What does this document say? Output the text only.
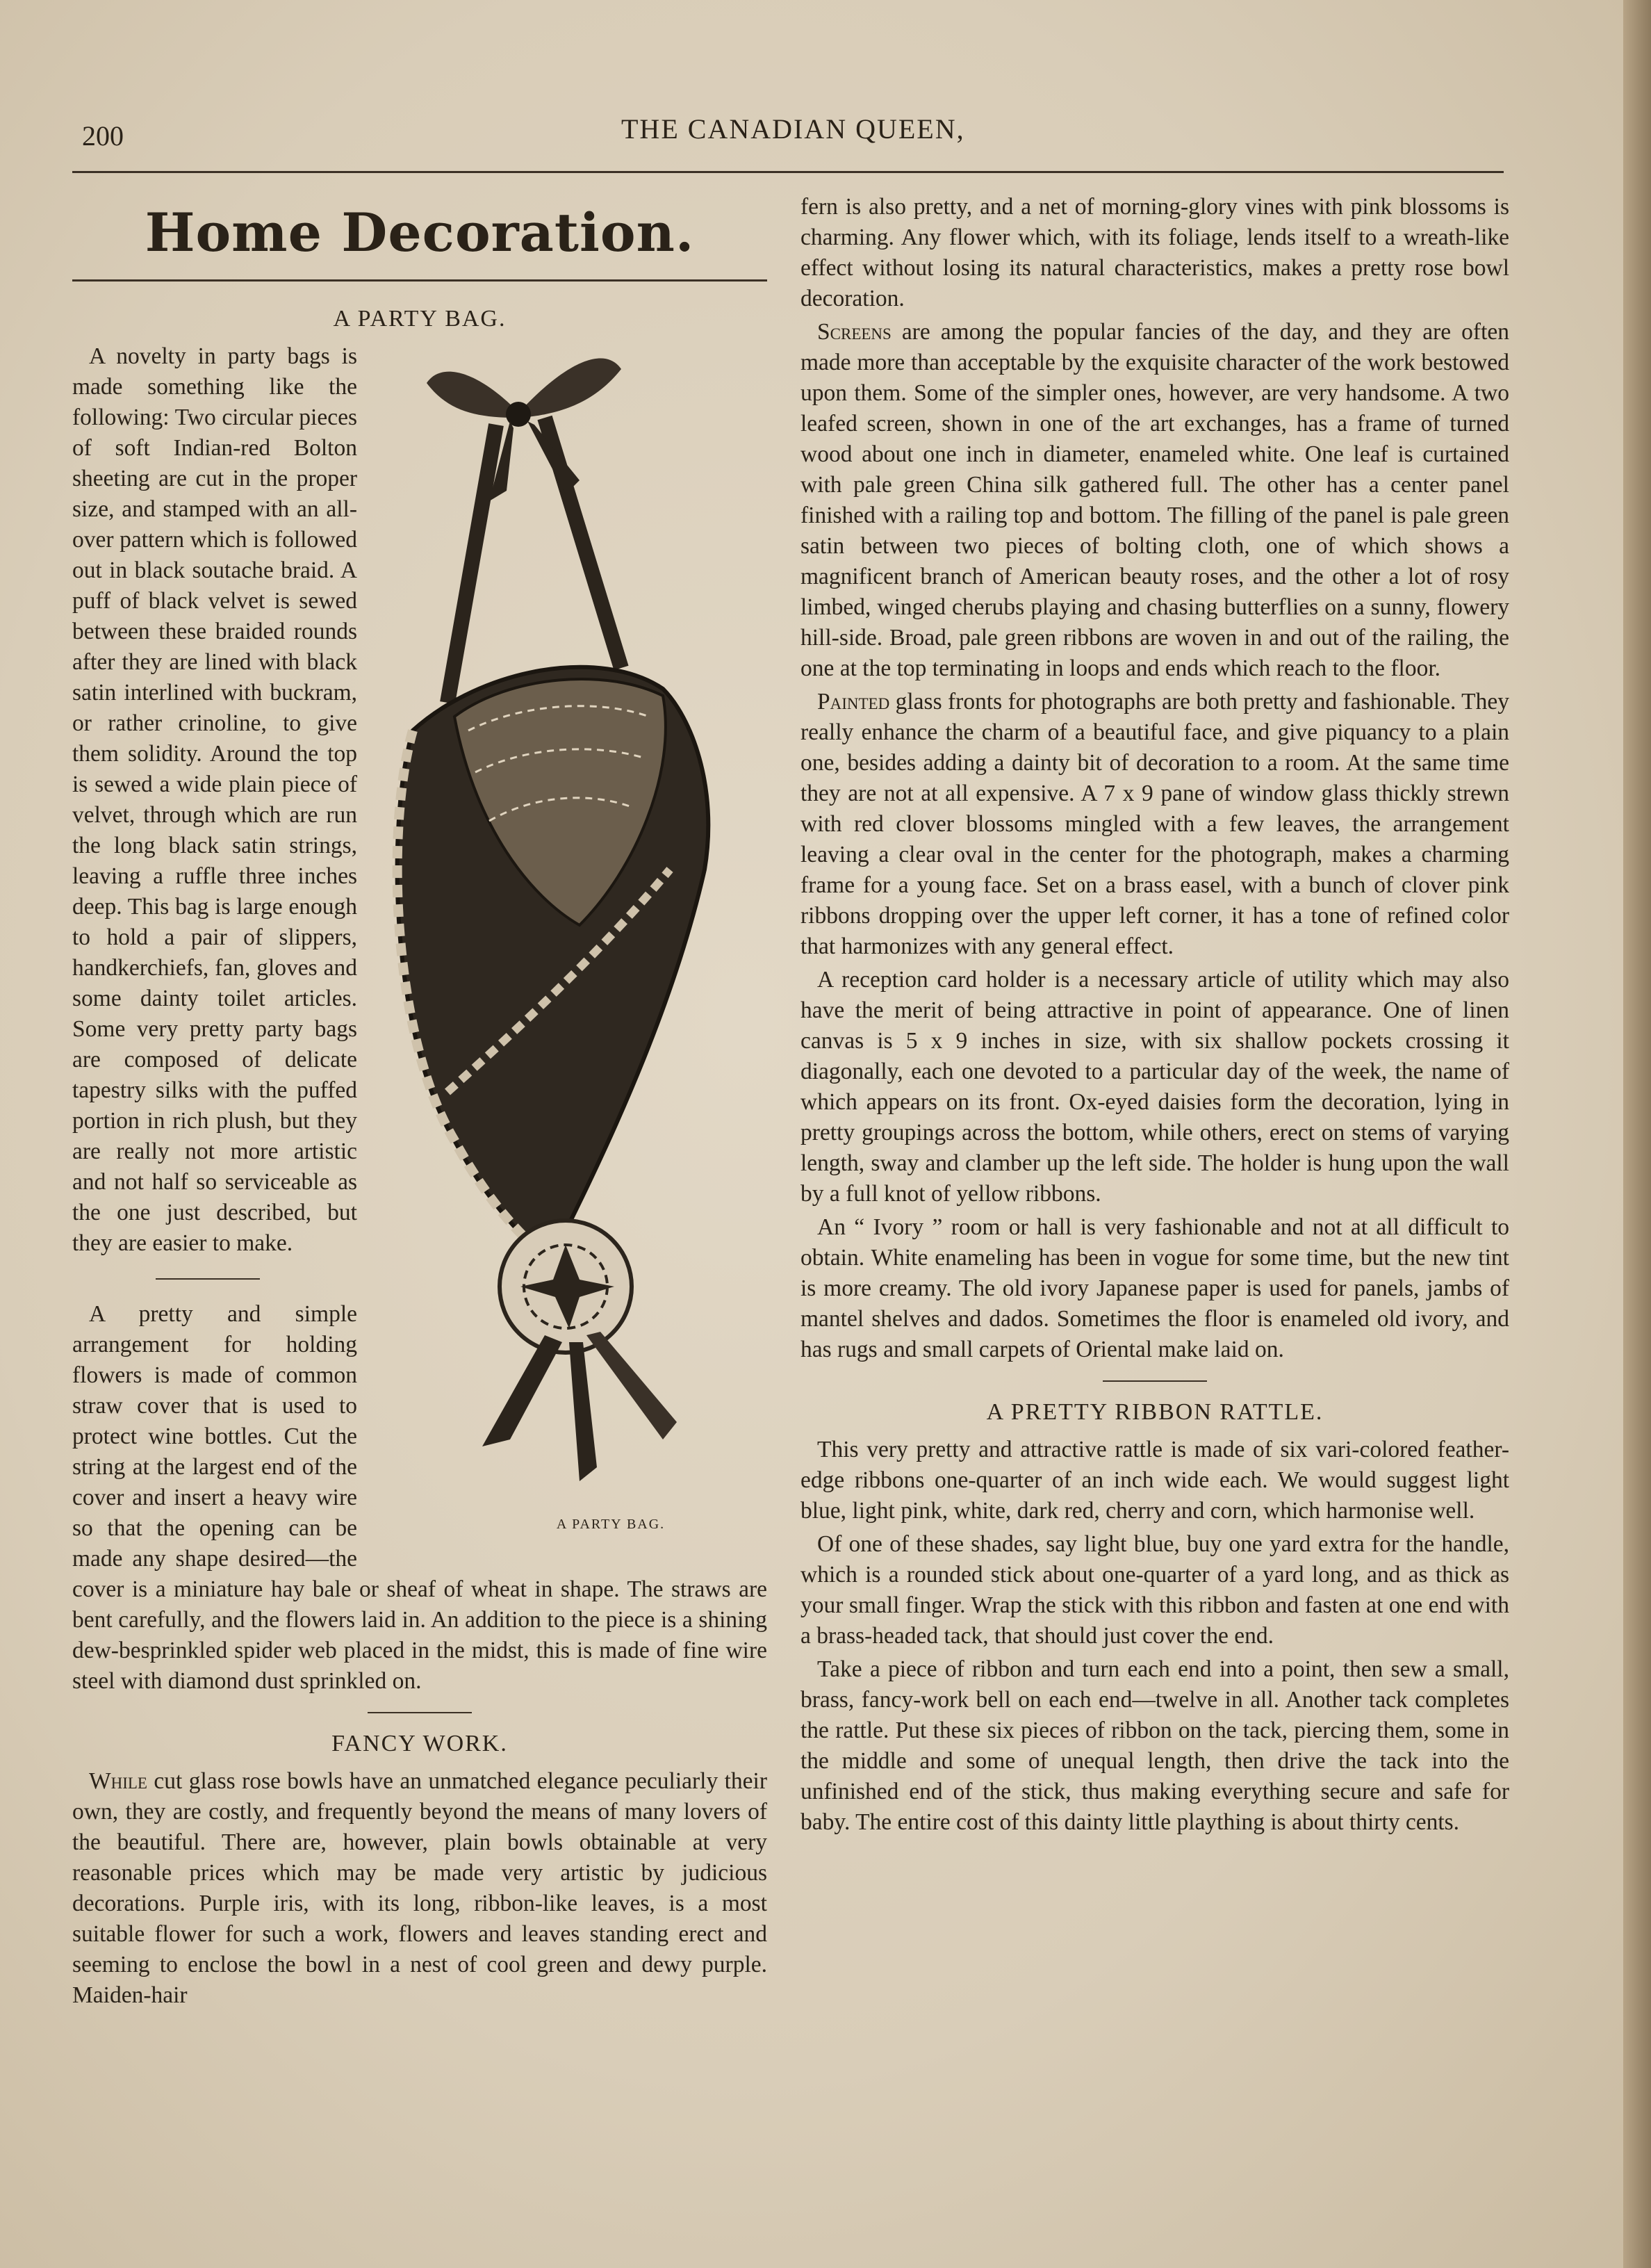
200	THE CANADIAN QUEEN,
Home Decoration.
A PARTY BAG.
A PARTY BAG.

A novelty in party bags is made something like the following: Two circular pieces of soft Indian-red Bolton sheeting are cut in the proper size, and stamped with an all-over pattern which is followed out in black soutache braid. A puff of black velvet is sewed between these braided rounds after they are lined with black satin interlined with buckram, or rather crinoline, to give them solidity. Around the top is sewed a wide plain piece of velvet, through which are run the long black satin strings, leaving a ruffle three inches deep. This bag is large enough to hold a pair of slippers, handkerchiefs, fan, gloves and some dainty toilet articles. Some very pretty party bags are composed of delicate tapestry silks with the puffed portion in rich plush, but they are really not more artistic and not half so serviceable as the one just described, but they are easier to make.

A pretty and simple arrangement for holding flowers is made of common straw cover that is used to protect wine bottles. Cut the string at the largest end of the cover and insert a heavy wire so that the opening can be made any shape desired—the cover is a miniature hay bale or sheaf of wheat in shape. The straws are bent carefully, and the flowers laid in. An addition to the piece is a shining dew-besprinkled spider web placed in the midst, this is made of fine wire steel with diamond dust sprinkled on.

FANCY WORK.

While cut glass rose bowls have an unmatched elegance peculiarly their own, they are costly, and frequently beyond the means of many lovers of the beautiful. There are, however, plain bowls obtainable at very reasonable prices which may be made very artistic by judicious decorations. Purple iris, with its long, ribbon-like leaves, is a most suitable flower for such a work, flowers and leaves standing erect and seeming to enclose the bowl in a nest of cool green and dewy purple. Maiden-hair

fern is also pretty, and a net of morning-glory vines with pink blossoms is charming. Any flower which, with its foliage, lends itself to a wreath-like effect without losing its natural characteristics, makes a pretty rose bowl decoration.

Screens are among the popular fancies of the day, and they are often made more than acceptable by the exquisite character of the work bestowed upon them. Some of the simpler ones, however, are very handsome. A two leafed screen, shown in one of the art exchanges, has a frame of turned wood about one inch in diameter, enameled white. One leaf is curtained with pale green China silk gathered full. The other has a center panel finished with a railing top and bottom. The filling of the panel is pale green satin between two pieces of bolting cloth, one of which shows a magnificent branch of American beauty roses, and the other a lot of rosy limbed, winged cherubs playing and chasing butterflies on a sunny, flowery hill-side. Broad, pale green ribbons are woven in and out of the railing, the one at the top terminating in loops and ends which reach to the floor.

Painted glass fronts for photographs are both pretty and fashionable. They really enhance the charm of a beautiful face, and give piquancy to a plain one, besides adding a dainty bit of decoration to a room. At the same time they are not at all expensive. A 7 x 9 pane of window glass thickly strewn with red clover blossoms mingled with a few leaves, the arrangement leaving a clear oval in the center for the photograph, makes a charming frame for a young face. Set on a brass easel, with a bunch of clover pink ribbons dropping over the upper left corner, it has a tone of refined color that harmonizes with any general effect.

A reception card holder is a necessary article of utility which may also have the merit of being attractive in point of appearance. One of linen canvas is 5 x 9 inches in size, with six shallow pockets crossing it diagonally, each one devoted to a particular day of the week, the name of which appears on its front. Ox-eyed daisies form the decoration, lying in pretty groupings across the bottom, while others, erect on stems of varying length, sway and clamber up the left side. The holder is hung upon the wall by a full knot of yellow ribbons.

An “ Ivory ” room or hall is very fashionable and not at all difficult to obtain. White enameling has been in vogue for some time, but the new tint is more creamy. The old ivory Japanese paper is used for panels, jambs of mantel shelves and dados. Sometimes the floor is enameled old ivory, and has rugs and small carpets of Oriental make laid on.

A PRETTY RIBBON RATTLE.

This very pretty and attractive rattle is made of six vari-colored feather-edge ribbons one-quarter of an inch wide each. We would suggest light blue, light pink, white, dark red, cherry and corn, which harmonise well.

Of one of these shades, say light blue, buy one yard extra for the handle, which is a rounded stick about one-quarter of a yard long, and as thick as your small finger. Wrap the stick with this ribbon and fasten at one end with a brass-headed tack, that should just cover the end.

Take a piece of ribbon and turn each end into a point, then sew a small, brass, fancy-work bell on each end—twelve in all. Another tack completes the rattle. Put these six pieces of ribbon on the tack, piercing them, some in the middle and some of unequal length, then drive the tack into the unfinished end of the stick, thus making everything secure and safe for baby. The entire cost of this dainty little plaything is about thirty cents.
